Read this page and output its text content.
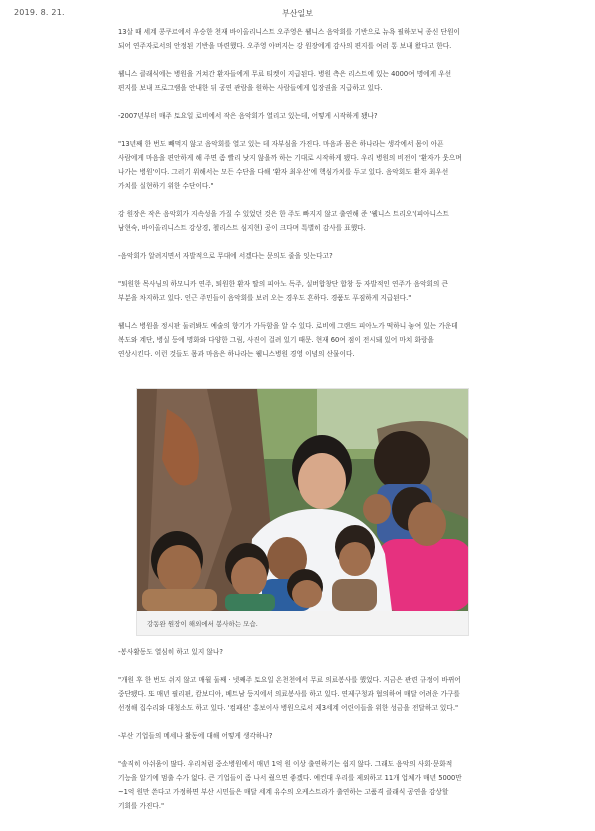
2019. 8. 21.	부산일보

13살 때 세계 콩쿠르에서 우승한 천재 바이올리니스트 오주영은 웰니스 음악회를 기반으로 뉴욕 필하모닉 종신 단원이 되어 연주자로서의 안정된 기반을 마련했다. 오주영 아버지는 강 원장에게 감사의 편지를 여러 통 보내 왔다고 한다.

웰니스 클래식에는 병원을 거쳐간 환자들에게 무료 티켓이 지급된다. 병원 측은 리스트에 있는 4000여 명에게 우선 편지를 보내 프로그램을 안내한 뒤 공연 관람을 원하는 사람들에게 입장권을 지급하고 있다.

-2007년부터 매주 토요일 로비에서 작은 음악회가 열리고 있는데, 어떻게 시작하게 됐나?

"13년째 한 번도 빼먹지 않고 음악회를 열고 있는 데 자부심을 가진다. 마음과 몸은 하나라는 생각에서 몸이 아픈 사람에게 마음을 편안하게 해 주면 좀 빨리 낫지 않을까 하는 기대로 시작하게 됐다. 우리 병원의 비전이 '환자가 웃으며 나가는 병원'이다. 그러기 위해서는 모든 수단을 다해 '환자 최우선'에 핵심가치를 두고 있다. 음악회도 환자 최우선 가치를 실현하기 위한 수단이다."

강 원장은 작은 음악회가 지속성을 가질 수 있었던 것은 한 주도 빠지지 않고 출연해 준 '웰니스 트리오'(피아니스트 남현숙, 바이올리니스트 강상경, 첼리스트 심지현) 공이 크다며 특별히 감사를 표했다.

-음악회가 알려지면서 자발적으로 무대에 서겠다는 문의도 줄을 잇는다고?

"퇴원한 목사님의 하모니카 연주, 퇴원한 환자 딸의 피아노 독주, 실버합창단 합창 등 자발적인 연주가 음악회의 큰 부분을 차지하고 있다. 인근 주민들이 음악회를 보러 오는 경우도 흔하다. 경품도 푸짐하게 지급된다."

웰니스 병원을 정시판 둘러봐도 예술의 향기가 가득함을 알 수 있다. 로비에 그랜드 피아노가 떡하니 놓여 있는 가운데 복도와 계단, 병실 등에 명화와 다양한 그림, 사진이 걸려 있기 때문. 현재 60여 점이 전시돼 있어 마치 화랑을 연상시킨다. 이런 것들도 몸과 마음은 하나라는 웰니스병원 경영 이념의 산물이다.

강동완 원장이 해외에서 봉사하는 모습.

-봉사활동도 열심히 하고 있지 않나?

"개원 후 한 번도 쉬지 않고 매월 둘째 · 넷째주 토요일 온천천에서 무료 의료봉사를 했었다. 지금은 관련 규정이 바뀌어 중단됐다. 또 매년 필리핀, 캄보디아, 베트남 등지에서 의료봉사를 하고 있다. 연제구청과 협의하여 매달 어려운 가구를 선정해 집수리와 대청소도 하고 있다. '컴패션' 홍보이사 병원으로서 제3세계 어린이들을 위한 성금을 전달하고 있다."

-부산 기업들의 메세나 활동에 대해 어떻게 생각하나?

"솔직히 아쉬움이 많다. 우리처럼 중소병원에서 매년 1억 원 이상 출연하기는 쉽지 않다. 그래도 음악의 사회·문화적 기능을 알기에 멈출 수가 없다. 큰 기업들이 좀 나서 줬으면 좋겠다. 예컨대 우리를 제외하고 11개 업체가 매년 5000만~1억 원만 쓴다고 가정하면 부산 시민들은 매달 세계 유수의 오케스트라가 출연하는 고품격 클래식 공연을 감상할 기회를 가진다."
